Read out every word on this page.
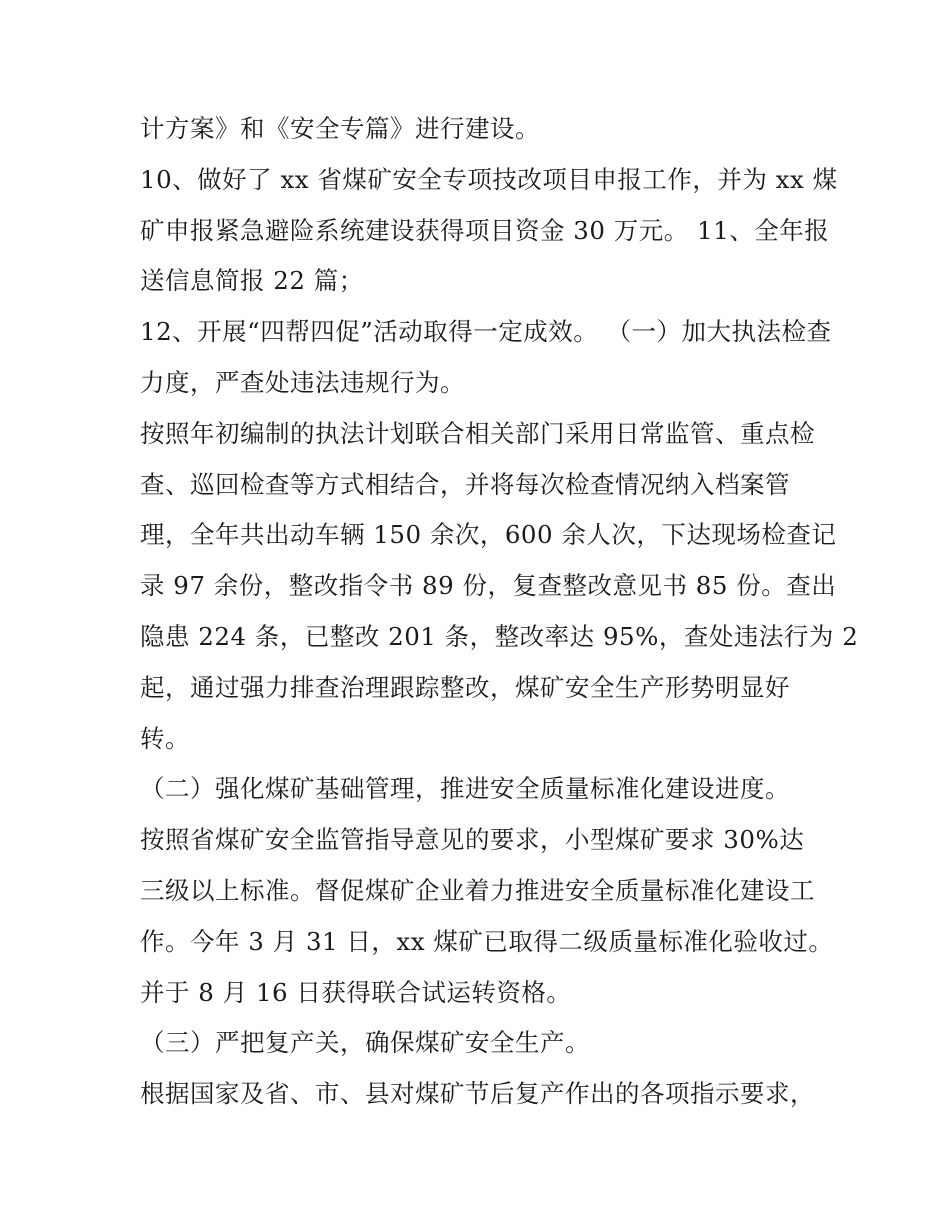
计方案》和《安全专篇》进行建设。
10、做好了 xx 省煤矿安全专项技改项目申报工作，并为 xx 煤
矿申报紧急避险系统建设获得项目资金 30 万元。 11、全年报
送信息简报 22 篇；
12、开展“四帮四促”活动取得一定成效。 （一）加大执法检查
力度，严查处违法违规行为。
按照年初编制的执法计划联合相关部门采用日常监管、重点检
查、巡回检查等方式相结合，并将每次检查情况纳入档案管
理，全年共出动车辆 150 余次，600 余人次，下达现场检查记
录 97 余份，整改指令书 89 份，复查整改意见书 85 份。查出
隐患 224 条，已整改 201 条，整改率达 95%，查处违法行为 2
起，通过强力排查治理跟踪整改，煤矿安全生产形势明显好
转。
（二）强化煤矿基础管理，推进安全质量标准化建设进度。
按照省煤矿安全监管指导意见的要求，小型煤矿要求 30%达
三级以上标准。督促煤矿企业着力推进安全质量标准化建设工
作。今年 3 月 31 日，xx 煤矿已取得二级质量标准化验收过。
并于 8 月 16 日获得联合试运转资格。
（三）严把复产关，确保煤矿安全生产。
根据国家及省、市、县对煤矿节后复产作出的各项指示要求，
